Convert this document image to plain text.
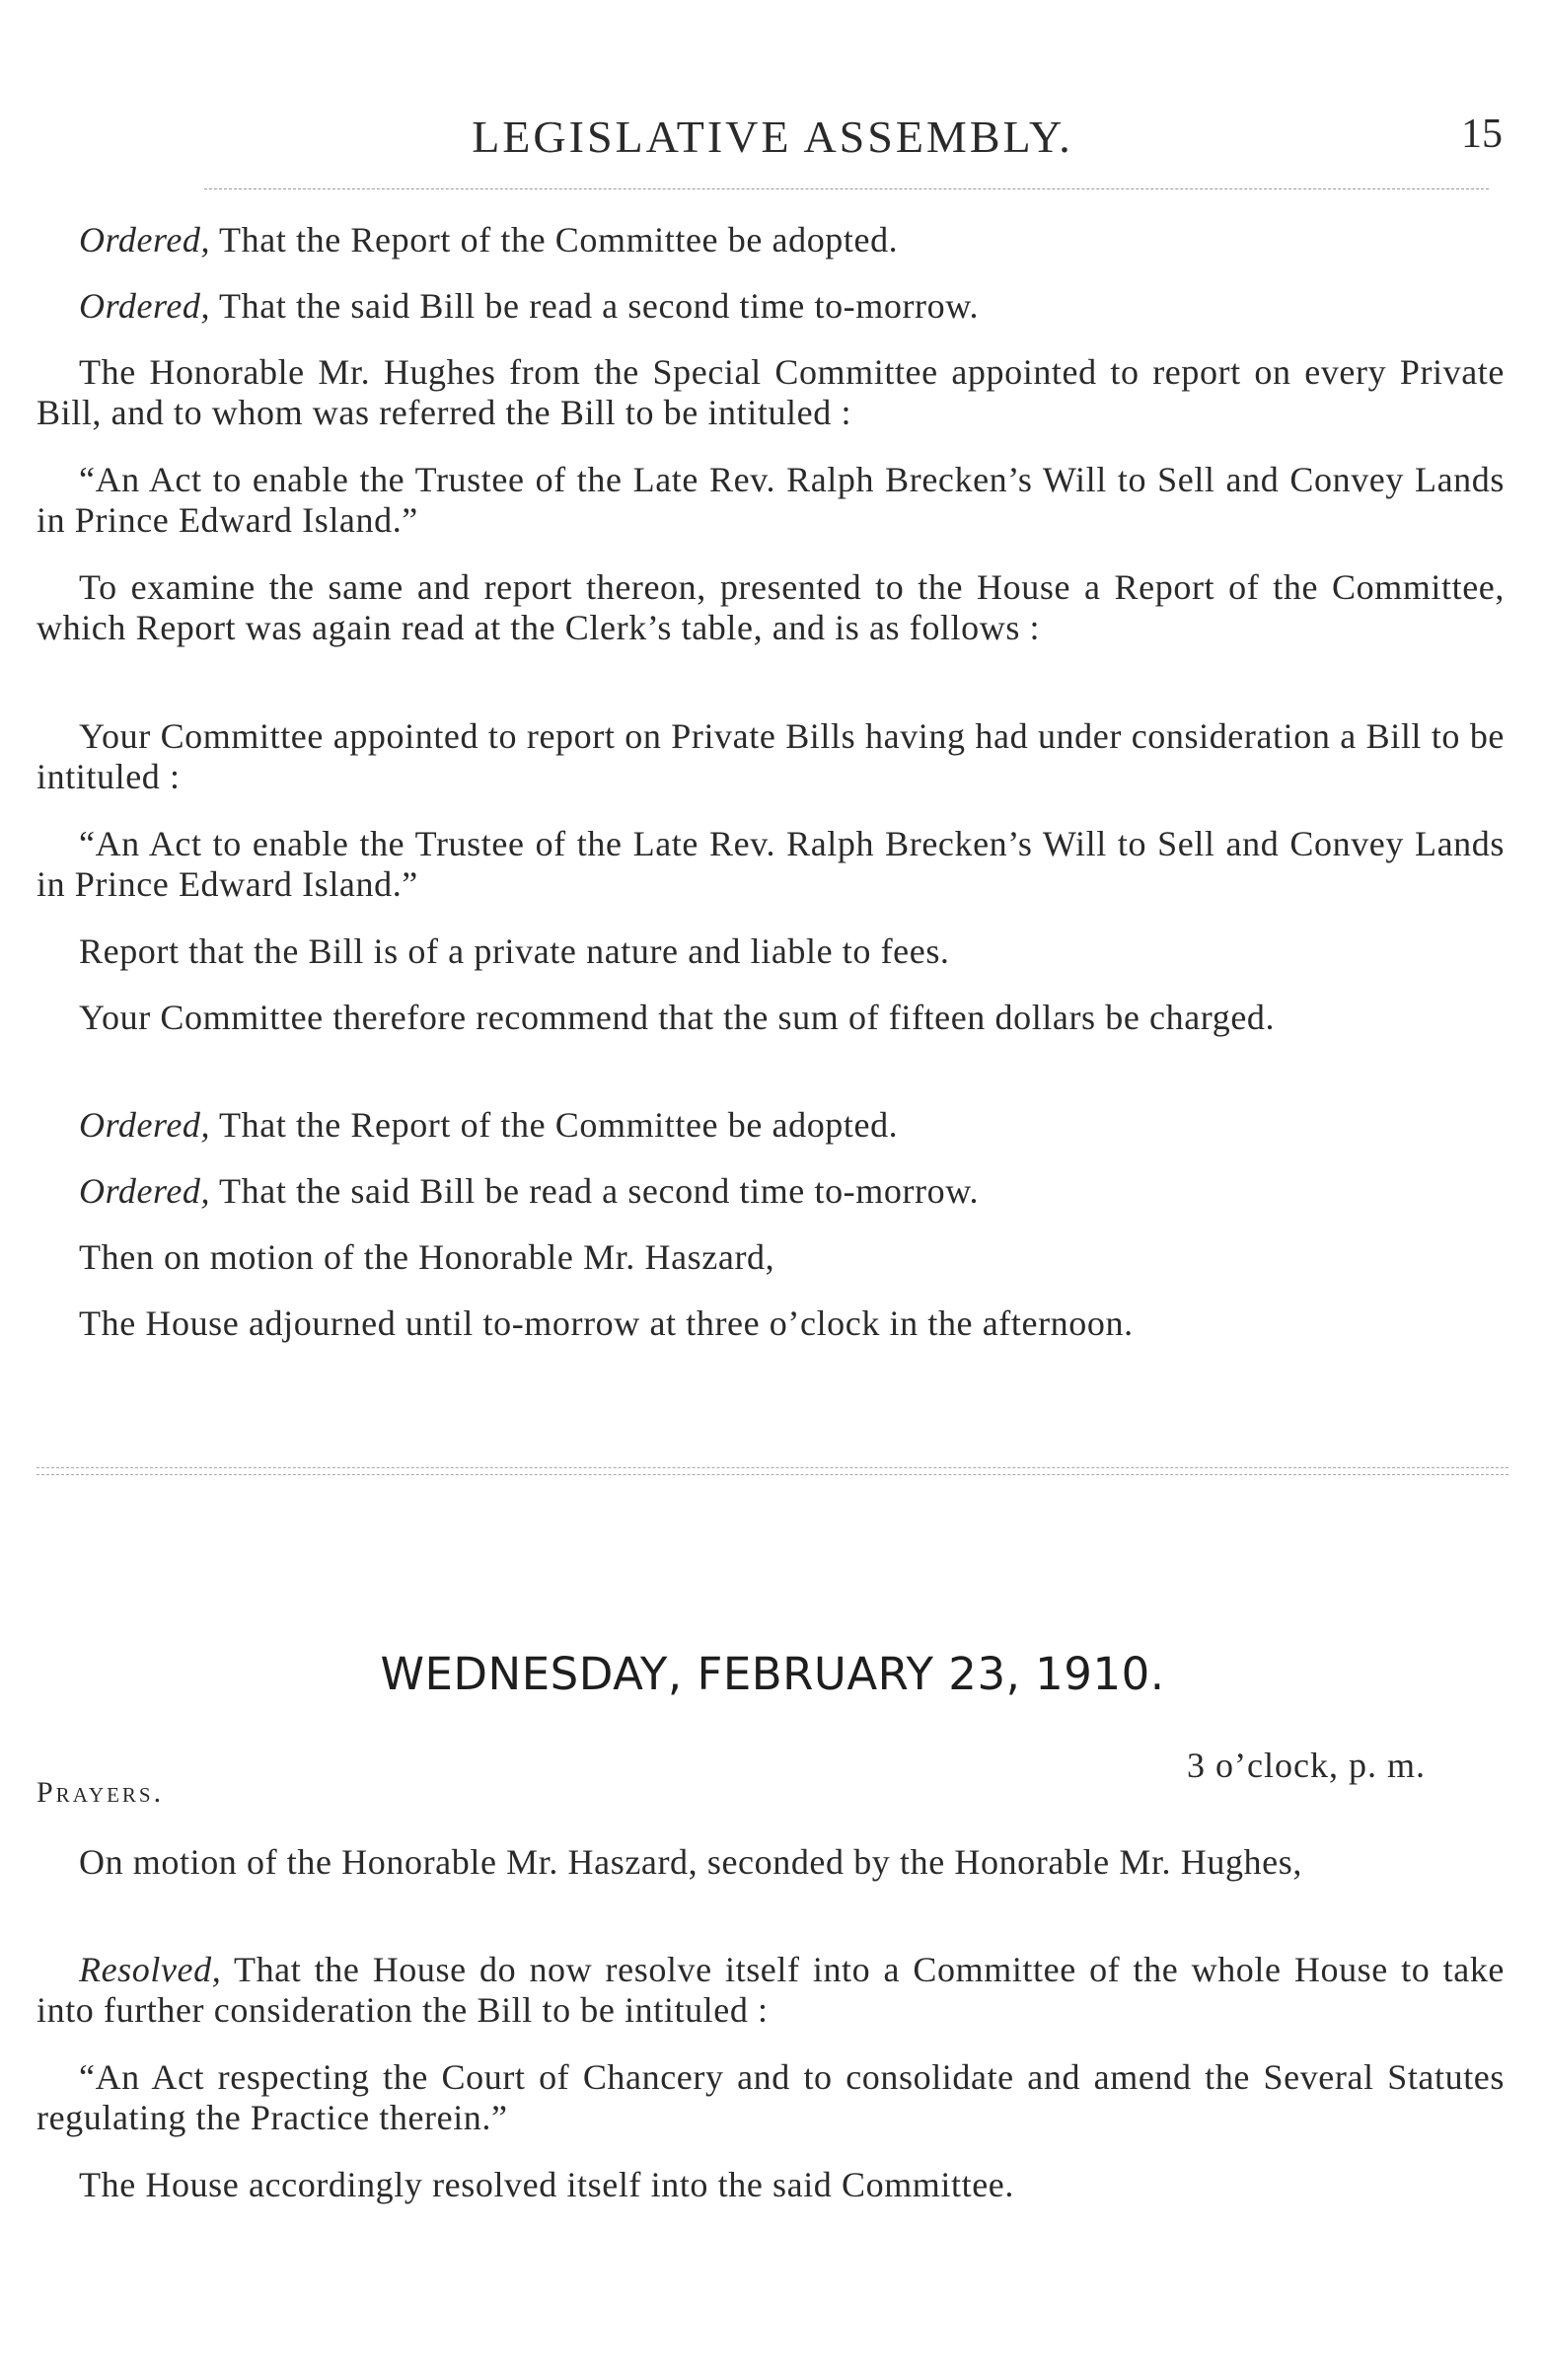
LEGISLATIVE ASSEMBLY.	15

Ordered, That the Report of the Committee be adopted.

Ordered, That the said Bill be read a second time to-morrow.

The Honorable Mr. Hughes from the Special Committee appointed to report on every Private Bill, and to whom was referred the Bill to be intituled :

“An Act to enable the Trustee of the Late Rev. Ralph Brecken’s Will to Sell and Convey Lands in Prince Edward Island.”

To examine the same and report thereon, presented to the House a Report of the Committee, which Report was again read at the Clerk’s table, and is as follows :

Your Committee appointed to report on Private Bills having had under consideration a Bill to be intituled :

“An Act to enable the Trustee of the Late Rev. Ralph Brecken’s Will to Sell and Convey Lands in Prince Edward Island.”

Report that the Bill is of a private nature and liable to fees.

Your Committee therefore recommend that the sum of fifteen dollars be charged.

Ordered, That the Report of the Committee be adopted.

Ordered, That the said Bill be read a second time to-morrow.

Then on motion of the Honorable Mr. Haszard,

The House adjourned until to-morrow at three o’clock in the afternoon.

WEDNESDAY, FEBRUARY 23, 1910.
3 o’clock, p. m.
Prayers.

On motion of the Honorable Mr. Haszard, seconded by the Honorable Mr. Hughes,

Resolved, That the House do now resolve itself into a Committee of the whole House to take into further consideration the Bill to be intituled :

“An Act respecting the Court of Chancery and to consolidate and amend the Several Statutes regulating the Practice therein.”

The House accordingly resolved itself into the said Committee.
